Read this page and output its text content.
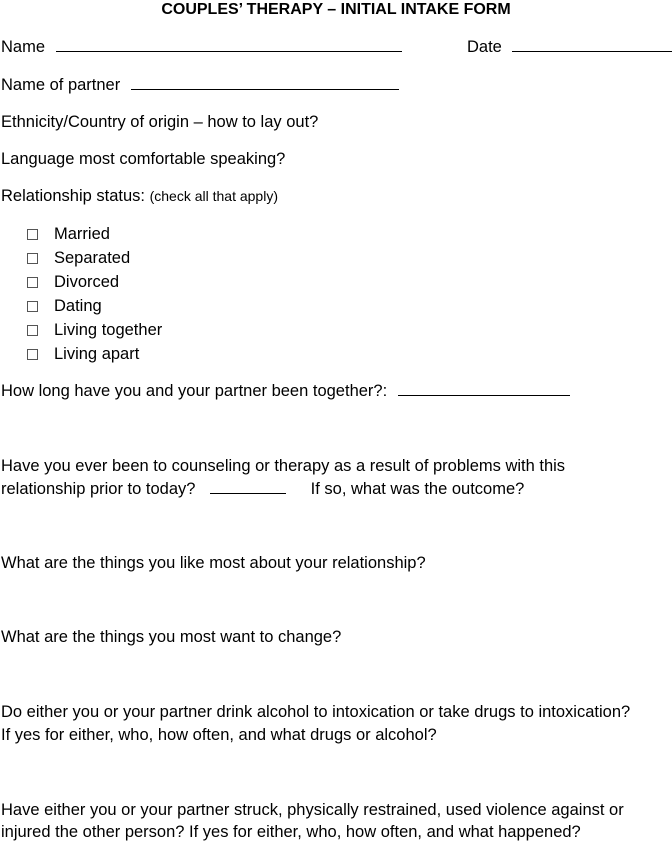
COUPLES’ THERAPY – INITIAL INTAKE FORM
Name	Date
Name of partner
Ethnicity/Country of origin – how to lay out?
Language most comfortable speaking?
Relationship status: (check all that apply)
Married
Separated
Divorced
Dating
Living together
Living apart
How long have you and your partner been together?:
Have you ever been to counseling or therapy as a result of problems with this
relationship prior to today?	If so, what was the outcome?
What are the things you like most about your relationship?
What are the things you most want to change?
Do either you or your partner drink alcohol to intoxication or take drugs to intoxication?
If yes for either, who, how often, and what drugs or alcohol?
Have either you or your partner struck, physically restrained, used violence against or
injured the other person? If yes for either, who, how often, and what happened?
